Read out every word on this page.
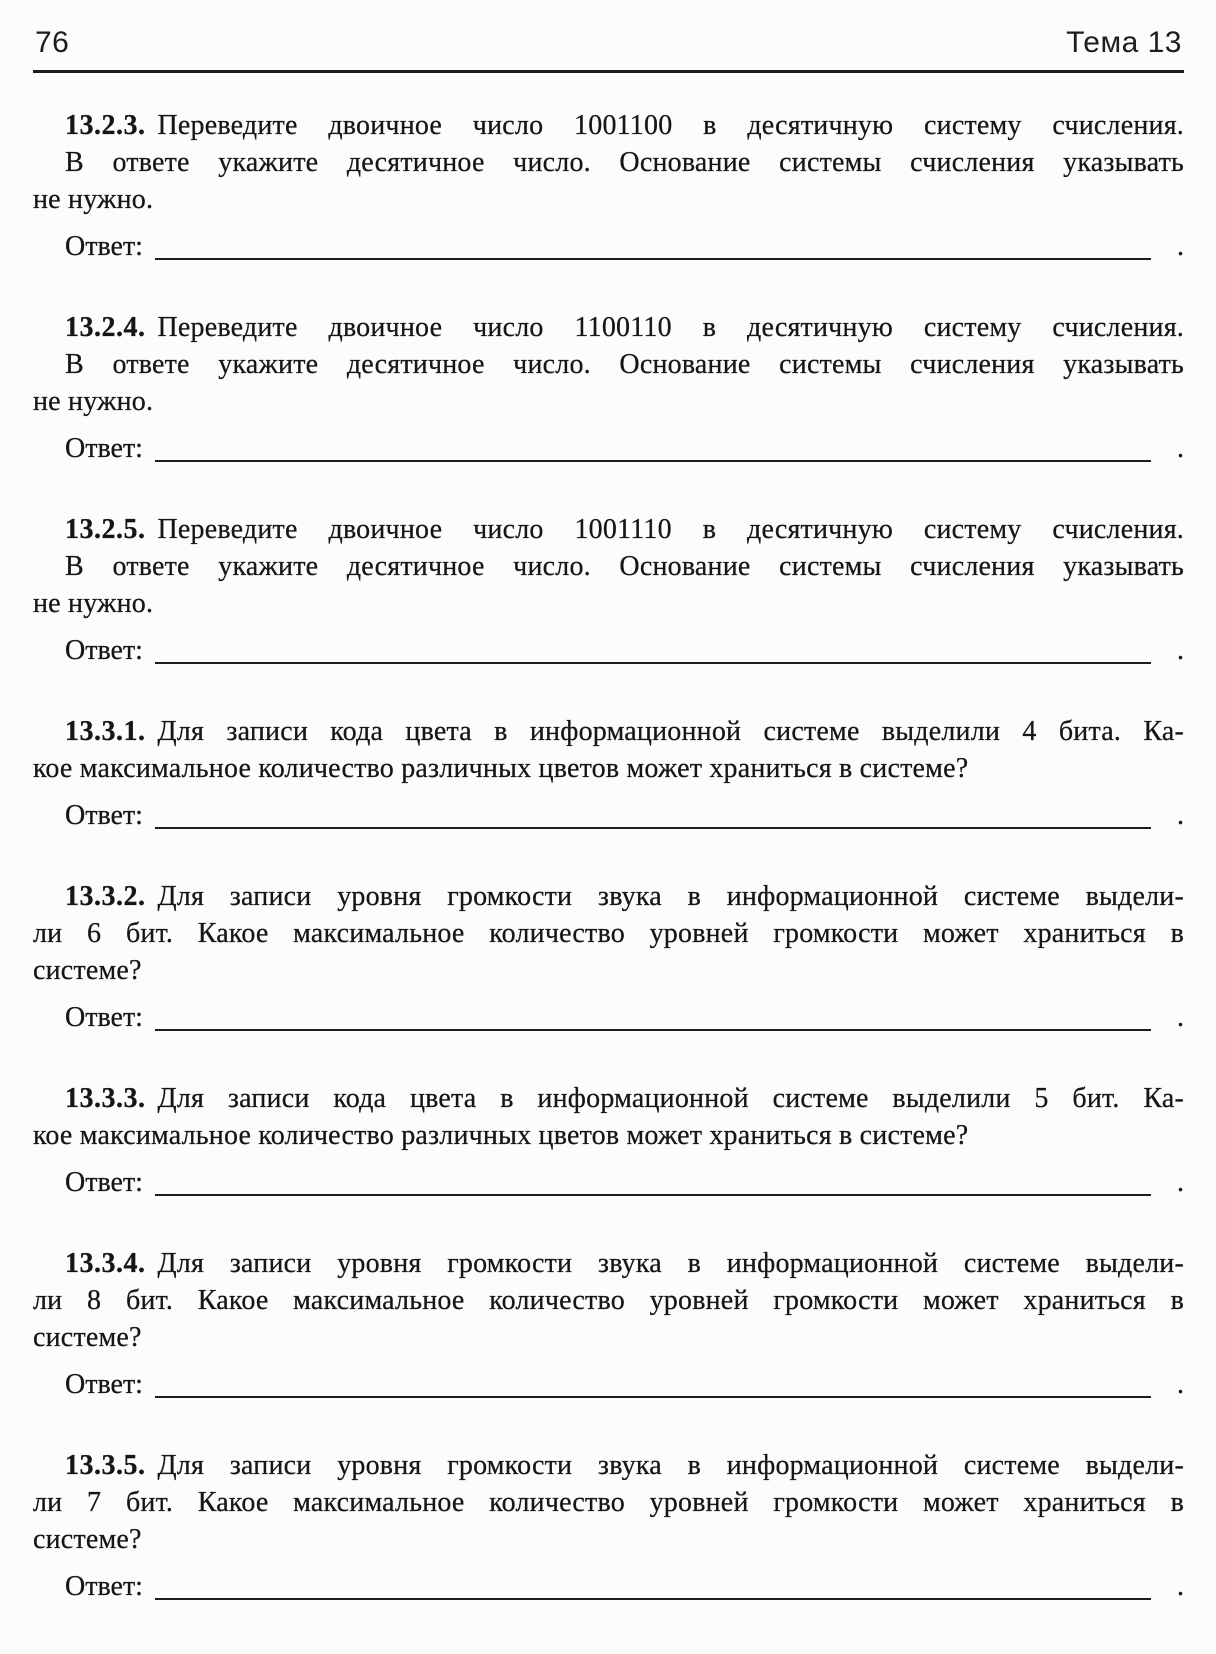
76	Тема 13
13.2.3. Переведите двоичное число 1001100 в десятичную систему счисления.
В ответе укажите десятичное число. Основание системы счисления указывать
не нужно.
Ответ:	.
13.2.4. Переведите двоичное число 1100110 в десятичную систему счисления.
В ответе укажите десятичное число. Основание системы счисления указывать
не нужно.
Ответ:	.
13.2.5. Переведите двоичное число 1001110 в десятичную систему счисления.
В ответе укажите десятичное число. Основание системы счисления указывать
не нужно.
Ответ:	.
13.3.1. Для записи кода цвета в информационной системе выделили 4 бита. Ка-
кое максимальное количество различных цветов может храниться в системе?
Ответ:	.
13.3.2. Для записи уровня громкости звука в информационной системе выдели-
ли 6 бит. Какое максимальное количество уровней громкости может храниться в
системе?
Ответ:	.
13.3.3. Для записи кода цвета в информационной системе выделили 5 бит. Ка-
кое максимальное количество различных цветов может храниться в системе?
Ответ:	.
13.3.4. Для записи уровня громкости звука в информационной системе выдели-
ли 8 бит. Какое максимальное количество уровней громкости может храниться в
системе?
Ответ:	.
13.3.5. Для записи уровня громкости звука в информационной системе выдели-
ли 7 бит. Какое максимальное количество уровней громкости может храниться в
системе?
Ответ:	.
